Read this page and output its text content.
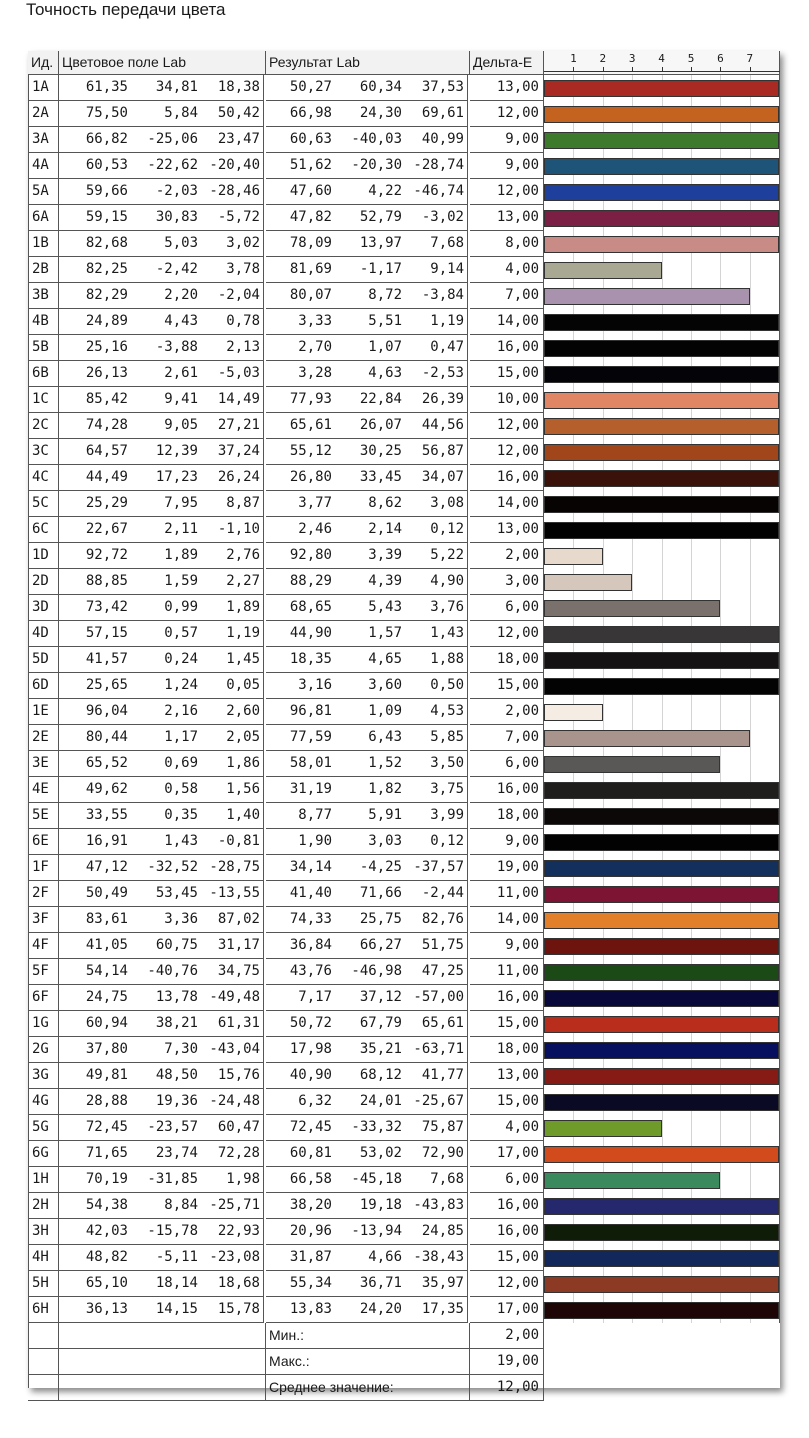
Точность передачи цвета
Ид. Цветовое поле Lab	Результат Lab	Дельта-E	1	2	3	4	5	6	7
1A	61,35	34,81	18,38	50,27	60,34	37,53	13,00
2A	75,50	5,84	50,42	66,98	24,30	69,61	12,00
3A	66,82	-25,06	23,47	60,63	-40,03	40,99	9,00
4A	60,53	-22,62 -20,40	51,62	-20,30 -28,74	9,00
5A	59,66	-2,03 -28,46	47,60	4,22 -46,74	12,00
6A	59,15	30,83	-5,72	47,82	52,79	-3,02	13,00
1B	82,68	5,03	3,02	78,09	13,97	7,68	8,00
2B	82,25	-2,42	3,78	81,69	-1,17	9,14	4,00
3B	82,29	2,20	-2,04	80,07	8,72	-3,84	7,00
4B	24,89	4,43	0,78	3,33	5,51	1,19	14,00
5B	25,16	-3,88	2,13	2,70	1,07	0,47	16,00
6B	26,13	2,61	-5,03	3,28	4,63	-2,53	15,00
1C	85,42	9,41	14,49	77,93	22,84	26,39	10,00
2C	74,28	9,05	27,21	65,61	26,07	44,56	12,00
3C	64,57	12,39	37,24	55,12	30,25	56,87	12,00
4C	44,49	17,23	26,24	26,80	33,45	34,07	16,00
5C	25,29	7,95	8,87	3,77	8,62	3,08	14,00
6C	22,67	2,11	-1,10	2,46	2,14	0,12	13,00
1D	92,72	1,89	2,76	92,80	3,39	5,22	2,00
2D	88,85	1,59	2,27	88,29	4,39	4,90	3,00
3D	73,42	0,99	1,89	68,65	5,43	3,76	6,00
4D	57,15	0,57	1,19	44,90	1,57	1,43	12,00
5D	41,57	0,24	1,45	18,35	4,65	1,88	18,00
6D	25,65	1,24	0,05	3,16	3,60	0,50	15,00
1E	96,04	2,16	2,60	96,81	1,09	4,53	2,00
2E	80,44	1,17	2,05	77,59	6,43	5,85	7,00
3E	65,52	0,69	1,86	58,01	1,52	3,50	6,00
4E	49,62	0,58	1,56	31,19	1,82	3,75	16,00
5E	33,55	0,35	1,40	8,77	5,91	3,99	18,00
6E	16,91	1,43	-0,81	1,90	3,03	0,12	9,00
1F	47,12	-32,52 -28,75	34,14	-4,25 -37,57	19,00
2F	50,49	53,45 -13,55	41,40	71,66	-2,44	11,00
3F	83,61	3,36	87,02	74,33	25,75	82,76	14,00
4F	41,05	60,75	31,17	36,84	66,27	51,75	9,00
5F	54,14	-40,76	34,75	43,76	-46,98	47,25	11,00
6F	24,75	13,78 -49,48	7,17	37,12 -57,00	16,00
1G	60,94	38,21	61,31	50,72	67,79	65,61	15,00
2G	37,80	7,30 -43,04	17,98	35,21 -63,71	18,00
3G	49,81	48,50	15,76	40,90	68,12	41,77	13,00
4G	28,88	19,36 -24,48	6,32	24,01 -25,67	15,00
5G	72,45	-23,57	60,47	72,45	-33,32	75,87	4,00
6G	71,65	23,74	72,28	60,81	53,02	72,90	17,00
1H	70,19	-31,85	1,98	66,58	-45,18	7,68	6,00
2H	54,38	8,84 -25,71	38,20	19,18 -43,83	16,00
3H	42,03	-15,78	22,93	20,96	-13,94	24,85	16,00
4H	48,82	-5,11 -23,08	31,87	4,66 -38,43	15,00
5H	65,10	18,14	18,68	55,34	36,71	35,97	12,00
6H	36,13	14,15	15,78	13,83	24,20	17,35	17,00
Мин.:	2,00
Макс.:	19,00
Среднее значение:	12,00
